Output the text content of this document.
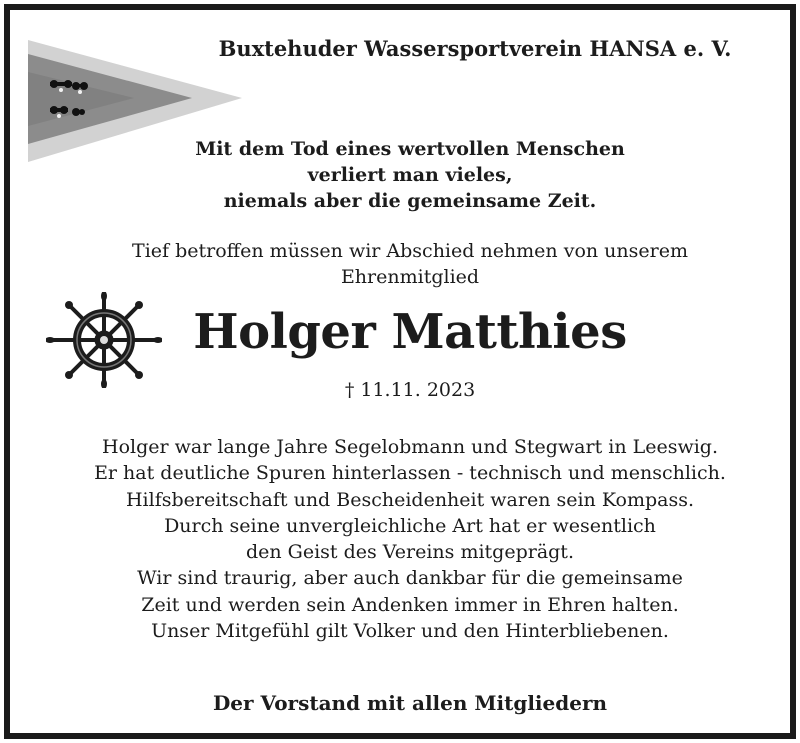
Buxtehuder Wassersportverein HANSA e. V.
Mit dem Tod eines wertvollen Menschen
verliert man vieles,
niemals aber die gemeinsame Zeit.
Tief betroffen müssen wir Abschied nehmen von unserem
Ehrenmitglied
Holger Matthies
† 11.11. 2023
Holger war lange Jahre Segelobmann und Stegwart in Leeswig.
Er hat deutliche Spuren hinterlassen - technisch und menschlich.
Hilfsbereitschaft und Bescheidenheit waren sein Kompass.
Durch seine unvergleichliche Art hat er wesentlich
den Geist des Vereins mitgeprägt.
Wir sind traurig, aber auch dankbar für die gemeinsame
Zeit und werden sein Andenken immer in Ehren halten.
Unser Mitgefühl gilt Volker und den Hinterbliebenen.
Der Vorstand mit allen Mitgliedern
